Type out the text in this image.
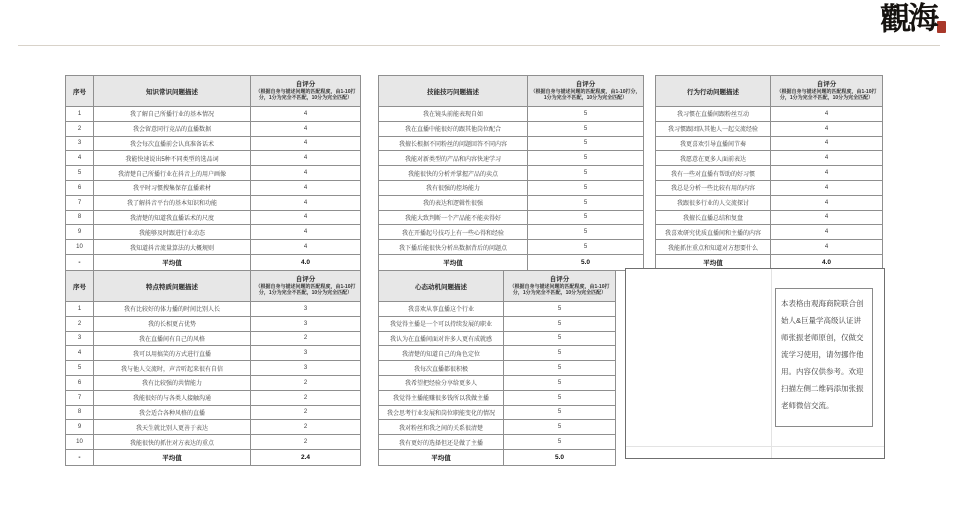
觀海
序号	知识常识问题描述	自评分
（根据自身与描述问题的匹配程度，由1-10打分，1分为完全不匹配，10分为完全匹配）

1	我了解自己所播行业的基本情况	4
2	我会留意同行竞品的直播数据	4
3	我会每次直播前会认真准备话术	4
4	我能快速说出5种不同类型的选品词	4
5	我清楚自己所播行业在抖音上的用户画像	4
6	我平时习惯搜集保存直播素材	4
7	我了解抖音平台的基本知识和功能	4
8	我清楚的知道我直播话术的尺度	4
9	我能够及时跟进行业动态	4
10	我知道抖音流量算法的大概规则	4
-	平均值	4.0
技能技巧问题描述	自评分
（根据自身与描述问题的匹配程度，由1-10打分，1分为完全不匹配，10分为完全匹配）

我在镜头前能表现自如	5
我在直播中能很好的跟其他岗位配合	5
我擅长根据不同粉丝的问题回答不同内容	5
我能对新类型的产品和内容快速学习	5
我能很快的分析并掌握产品的卖点	5
我有很强的控场能力	5
我的表达和逻辑性很强	5
我能大致判断一个产品能不能卖得好	5
我在开播起号技巧上有一些心得和经验	5
我下播后能很快分析出数据背后的问题点	5
平均值	5.0
行为行动问题描述	自评分
（根据自身与描述问题的匹配程度，由1-10打分，1分为完全不匹配，10分为完全匹配）

我习惯在直播间跟粉丝互动	4
我习惯跟团队其他人一起交流经验	4
我更喜欢引导直播间节奏	4
我愿意在更多人面前表达	4
我有一些对直播有帮助的好习惯	4
我总是分析一些比较有用的内容	4
我跟很多行业的人交流探讨	4
我擅长直播总结和复盘	4
我喜欢研究优质直播间和主播的内容	4
我能抓住重点和知道对方想要什么	4
平均值	4.0
序号	特点特质问题描述	自评分
（根据自身与描述问题的匹配程度，由1-10打分，1分为完全不匹配，10分为完全匹配）

1	我有比较好的体力播的时间比别人长	3
2	我的长相更占优势	3
3	我在直播间有自己的风格	2
4	我可以用搞笑的方式进行直播	3
5	我与他人交流时，声音听起来很有自信	3
6	我有比较强的共情能力	2
7	我能很好的与各类人接触沟通	2
8	我会适合各种风格的直播	2
9	我天生就比别人更善于表达	2
10	我能很快的抓住对方表达的重点	2
-	平均值	2.4
心态动机问题描述	自评分
（根据自身与描述问题的匹配程度，由1-10打分，1分为完全不匹配，10分为完全匹配）

我喜欢从事直播这个行业	5
我觉得主播是一个可以持续发展的职业	5
我认为在直播间面对许多人更有成就感	5
我清楚的知道自己的角色定位	5
我每次直播都很积极	5
我希望把经验分享给更多人	5
我觉得主播能赚很多钱所以我做主播	5
我会思考行业发展和岗位职能变化的情况	5
我对粉丝和我之间的关系很清楚	5
我有更好的选择但还是做了主播	5
平均值	5.0
本表格由观海商院联合创始人&巨量学高级认证讲师张振老师原创，仅做交流学习使用，请勿挪作他用。内容仅供参考。欢迎扫描左侧二维码添加张振老师微信交流。
